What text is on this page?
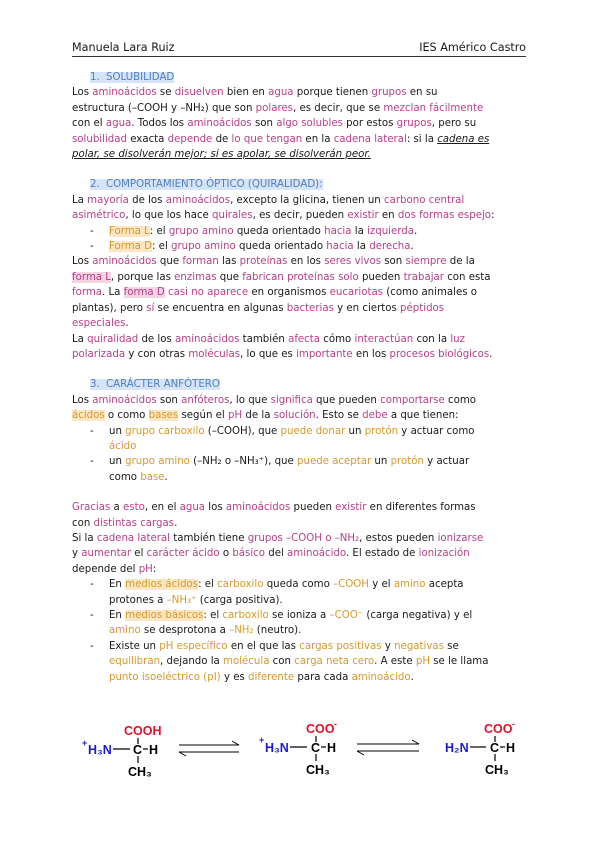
Manuela Lara Ruiz	IES Américo Castro

1. SOLUBILIDAD

Los aminoácidos se disuelven bien en agua porque tienen grupos en su
estructura (–COOH y –NH₂) que son polares, es decir, que se mezclan fácilmente
con el agua. Todos los aminoácidos son algo solubles por estos grupos, pero su
solubilidad exacta depende de lo que tengan en la cadena lateral: si la cadena es
polar, se disolverán mejor; si es apolar, se disolverán peor.

2. COMPORTAMIENTO ÓPTICO (QUIRALIDAD):

La mayoría de los aminoácidos, excepto la glicina, tienen un carbono central
asimétrico, lo que los hace quirales, es decir, pueden existir en dos formas espejo:

-	Forma L: el grupo amino queda orientado hacia la izquierda.
-	Forma D: el grupo amino queda orientado hacia la derecha.

Los aminoácidos que forman las proteínas en los seres vivos son siempre de la
forma L, porque las enzimas que fabrican proteínas solo pueden trabajar con esta
forma. La forma D casi no aparece en organismos eucariotas (como animales o
plantas), pero sí se encuentra en algunas bacterias y en ciertos péptidos
especiales.

La quiralidad de los aminoácidos también afecta cómo interactúan con la luz
polarizada y con otras moléculas, lo que es importante en los procesos biológicos.

3. CARÁCTER ANFÓTERO

Los aminoácidos son anfóteros, lo que significa que pueden comportarse como
ácidos o como bases según el pH de la solución. Esto se debe a que tienen:

-	un grupo carboxilo (–COOH), que puede donar un protón y actuar como
ácido
-	un grupo amino (–NH₂ o –NH₃⁺), que puede aceptar un protón y actuar
como base.

Gracias a esto, en el agua los aminoácidos pueden existir en diferentes formas
con distintas cargas.

Si la cadena lateral también tiene grupos –COOH o –NH₂, estos pueden ionizarse
y aumentar el carácter ácido o básico del aminoácido. El estado de ionización
depende del pH:

-	En medios ácidos: el carboxilo queda como –COOH y el amino acepta
protones a –NH₃⁺ (carga positiva).
-	En medios básicos: el carboxilo se ioniza a –COO⁻ (carga negativa) y el
amino se desprotona a –NH₂ (neutro).
-	Existe un pH específico en el que las cargas positivas y negativas se
equilibran, dejando la molécula con carga neta cero. A este pH se le llama
punto isoeléctrico (pI) y es diferente para cada aminoácido.
COOH
+ H₃N C H
CH₃
COO -
+
H₃N C H
CH₃
COO -
H₂N C H
CH₃
